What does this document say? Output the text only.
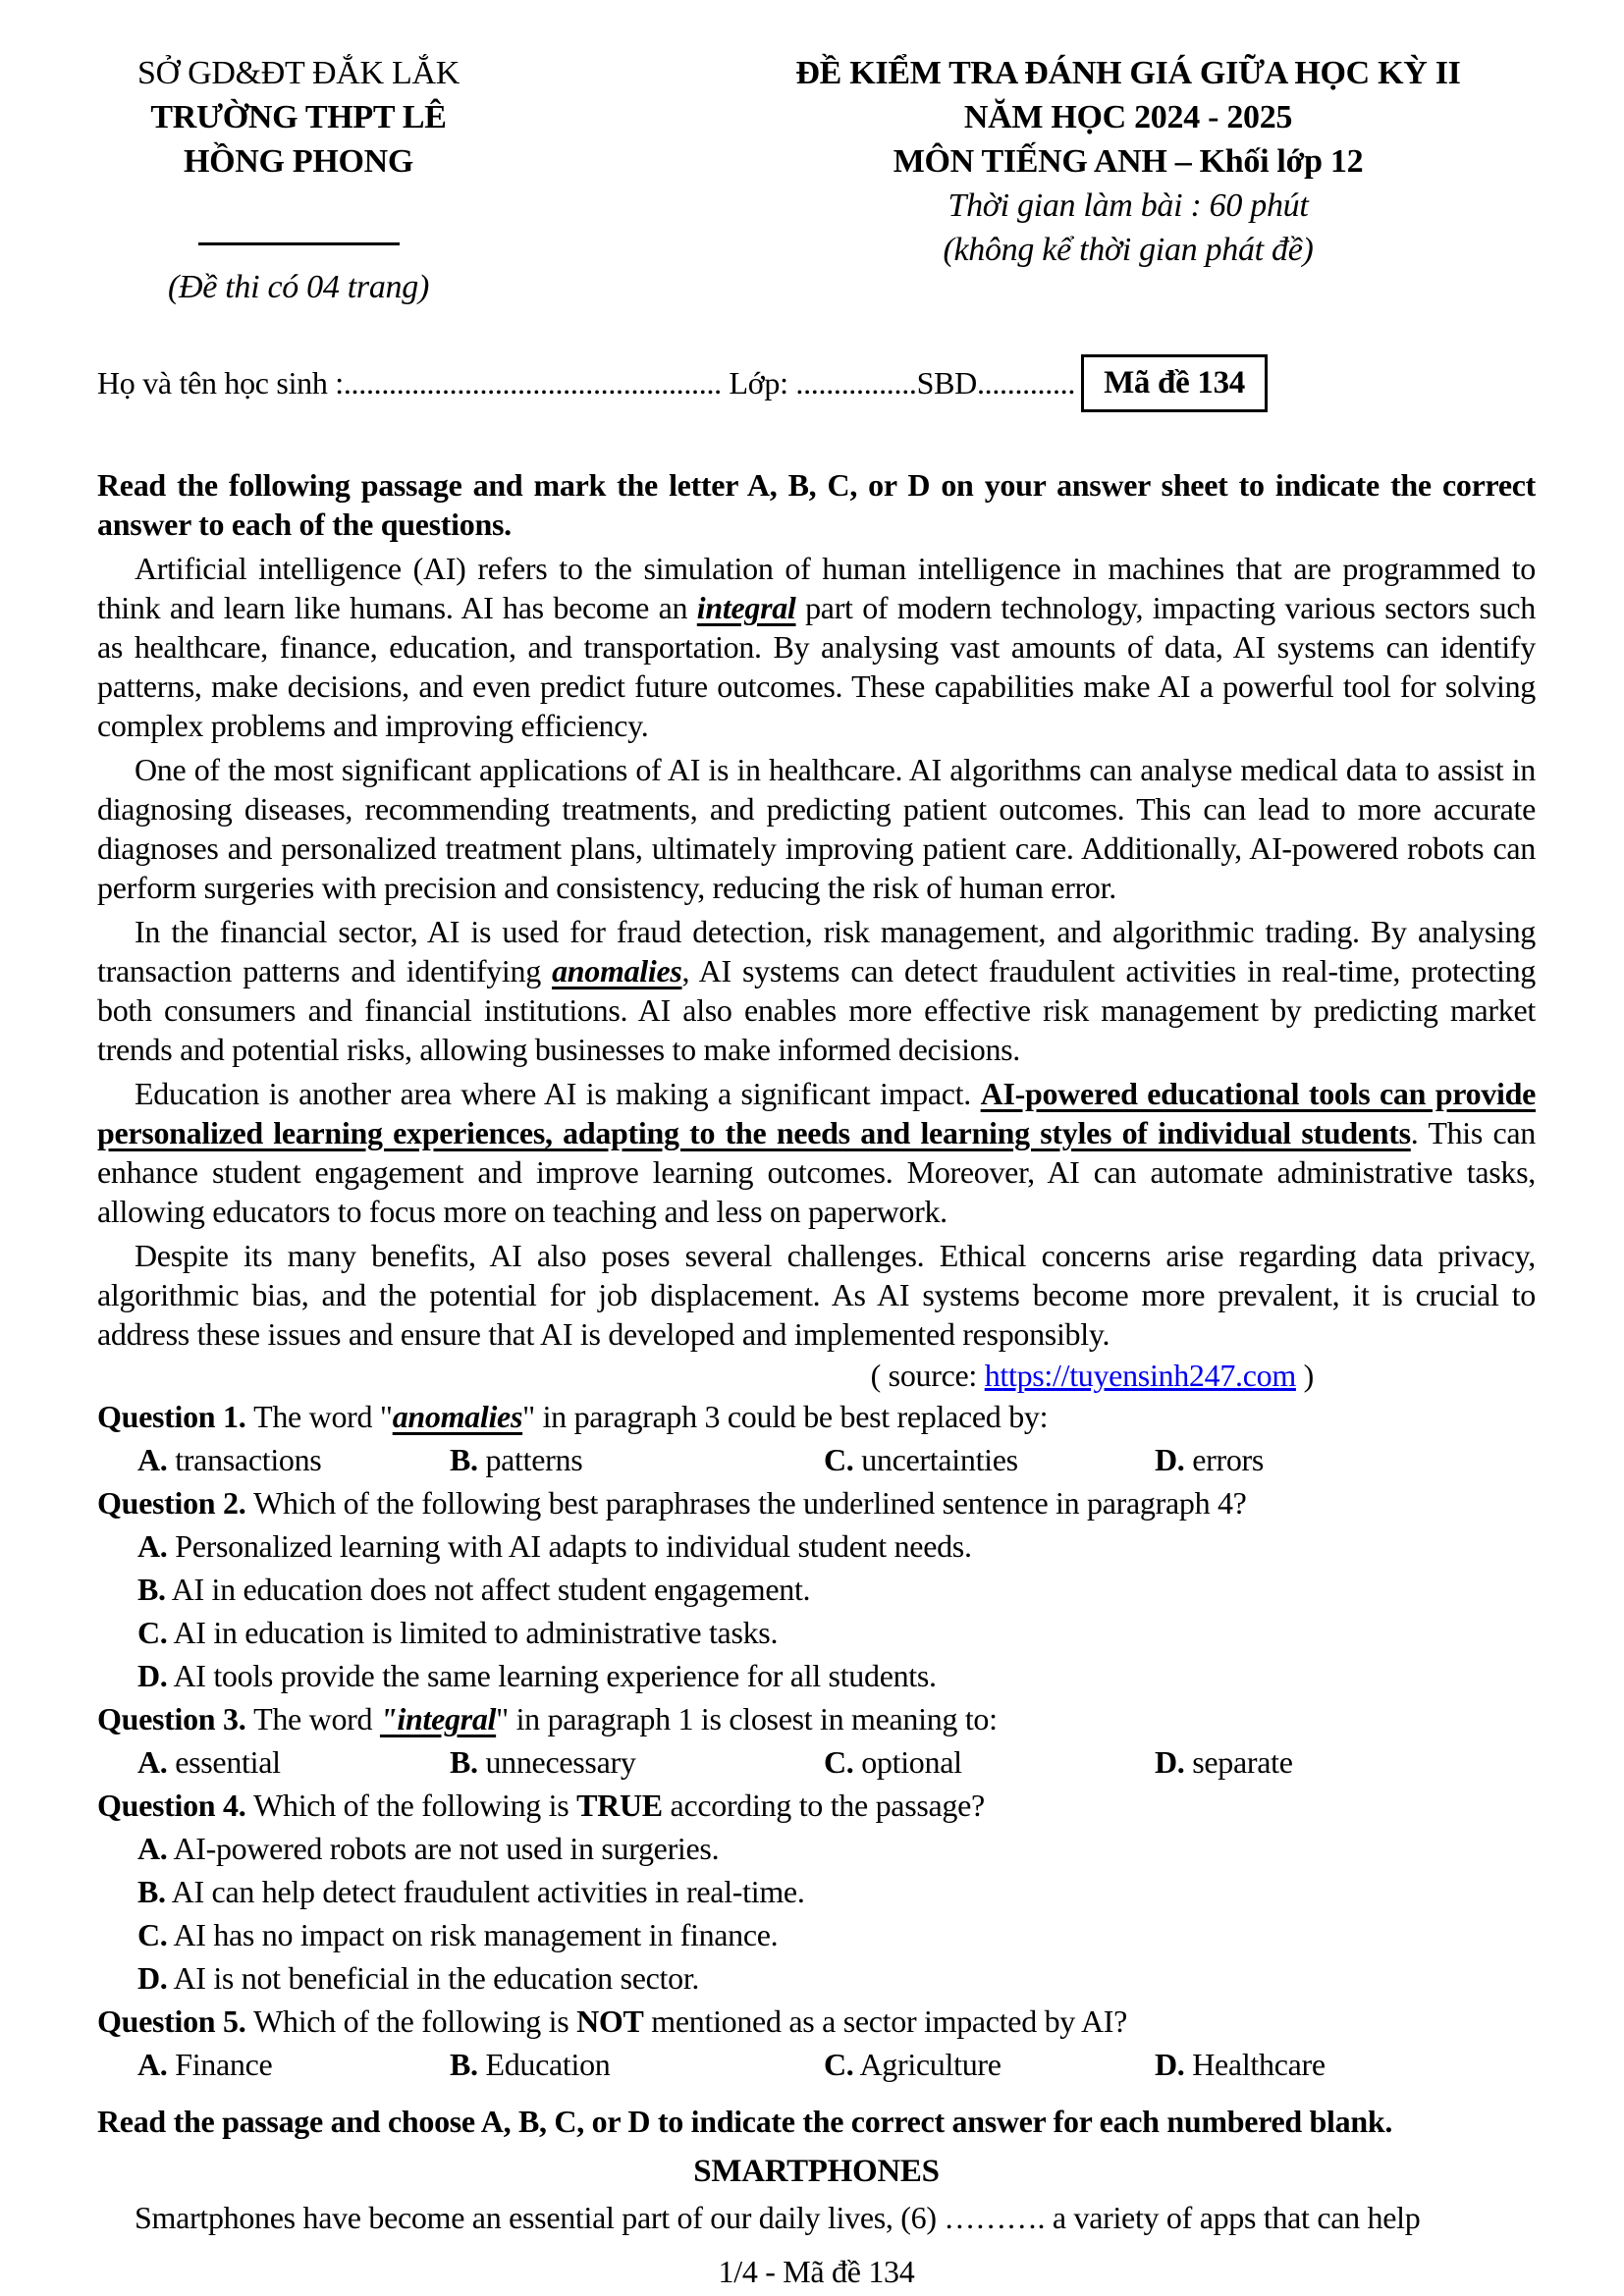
SỞ GD&ĐT ĐẮK LẮK
TRƯỜNG THPT LÊ HỒNG PHONG
(Đề thi có 04 trang)
ĐỀ KIỂM TRA ĐÁNH GIÁ GIỮA HỌC KỲ II
NĂM HỌC 2024 - 2025
MÔN TIẾNG ANH – Khối lớp 12
Thời gian làm bài : 60 phút
(không kể thời gian phát đề)
Họ và tên học sinh :.................................................. Lớp: ................SBD............. Mã đề 134
Read the following passage and mark the letter A, B, C, or D on your answer sheet to indicate the correct answer to each of the questions.
Artificial intelligence (AI) refers to the simulation of human intelligence in machines that are programmed to think and learn like humans. AI has become an integral part of modern technology, impacting various sectors such as healthcare, finance, education, and transportation. By analysing vast amounts of data, AI systems can identify patterns, make decisions, and even predict future outcomes. These capabilities make AI a powerful tool for solving complex problems and improving efficiency.
One of the most significant applications of AI is in healthcare. AI algorithms can analyse medical data to assist in diagnosing diseases, recommending treatments, and predicting patient outcomes. This can lead to more accurate diagnoses and personalized treatment plans, ultimately improving patient care. Additionally, AI-powered robots can perform surgeries with precision and consistency, reducing the risk of human error.
In the financial sector, AI is used for fraud detection, risk management, and algorithmic trading. By analysing transaction patterns and identifying anomalies, AI systems can detect fraudulent activities in real-time, protecting both consumers and financial institutions. AI also enables more effective risk management by predicting market trends and potential risks, allowing businesses to make informed decisions.
Education is another area where AI is making a significant impact. AI-powered educational tools can provide personalized learning experiences, adapting to the needs and learning styles of individual students. This can enhance student engagement and improve learning outcomes. Moreover, AI can automate administrative tasks, allowing educators to focus more on teaching and less on paperwork.
Despite its many benefits, AI also poses several challenges. Ethical concerns arise regarding data privacy, algorithmic bias, and the potential for job displacement. As AI systems become more prevalent, it is crucial to address these issues and ensure that AI is developed and implemented responsibly.
( source: https://tuyensinh247.com )
Question 1. The word "anomalies" in paragraph 3 could be best replaced by:
A. transactions	B. patterns	C. uncertainties	D. errors
Question 2. Which of the following best paraphrases the underlined sentence in paragraph 4?
A. Personalized learning with AI adapts to individual student needs.
B. AI in education does not affect student engagement.
C. AI in education is limited to administrative tasks.
D. AI tools provide the same learning experience for all students.
Question 3. The word "integral" in paragraph 1 is closest in meaning to:
A. essential	B. unnecessary	C. optional	D. separate
Question 4. Which of the following is TRUE according to the passage?
A. AI-powered robots are not used in surgeries.
B. AI can help detect fraudulent activities in real-time.
C. AI has no impact on risk management in finance.
D. AI is not beneficial in the education sector.
Question 5. Which of the following is NOT mentioned as a sector impacted by AI?
A. Finance	B. Education	C. Agriculture	D. Healthcare
Read the passage and choose A, B, C, or D to indicate the correct answer for each numbered blank.
SMARTPHONES
Smartphones have become an essential part of our daily lives, (6) ………. a variety of apps that can help
1/4 - Mã đề 134
